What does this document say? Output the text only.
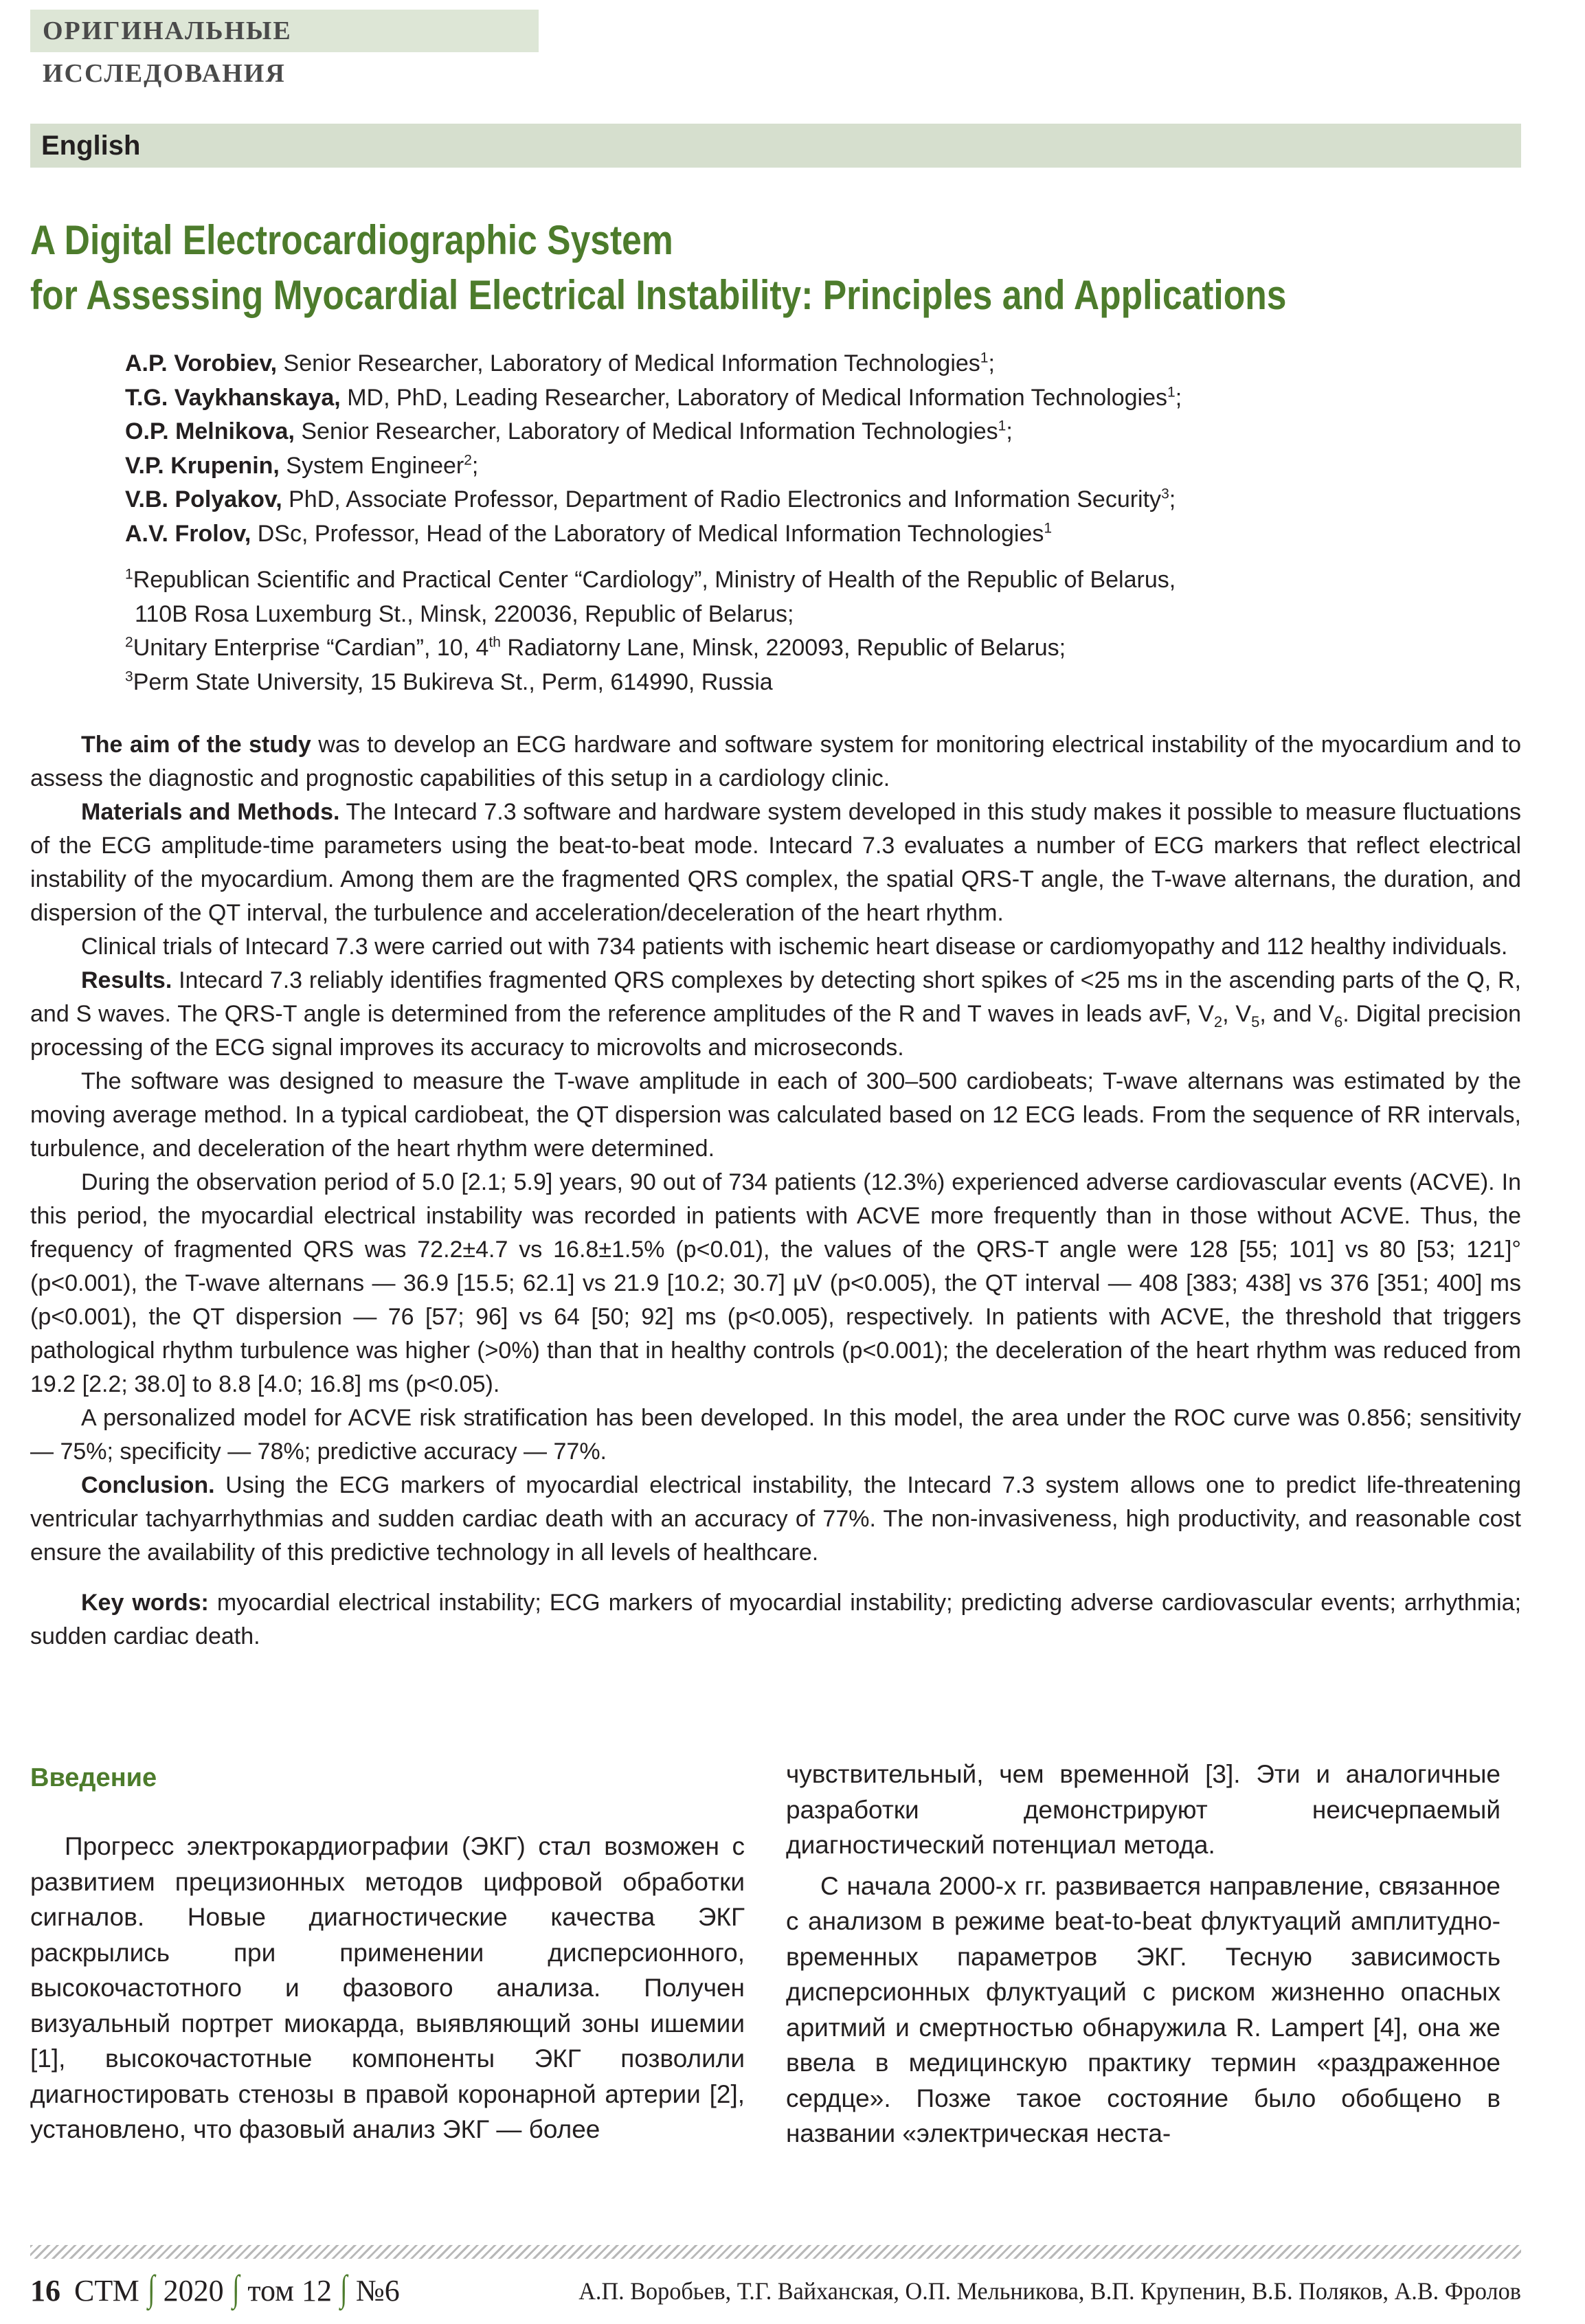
ОРИГИНАЛЬНЫЕ ИССЛЕДОВАНИЯ
English
A Digital Electrocardiographic System
for Assessing Myocardial Electrical Instability: Principles and Applications
A.P. Vorobiev, Senior Researcher, Laboratory of Medical Information Technologies$^1$;
T.G. Vaykhanskaya, MD, PhD, Leading Researcher, Laboratory of Medical Information Technologies$^1$;
O.P. Melnikova, Senior Researcher, Laboratory of Medical Information Technologies$^1$;
V.P. Krupenin, System Engineer$^2$;
V.B. Polyakov, PhD, Associate Professor, Department of Radio Electronics and Information Security$^3$;
A.V. Frolov, DSc, Professor, Head of the Laboratory of Medical Information Technologies$^1$
$^1$Republican Scientific and Practical Center “Cardiology”, Ministry of Health of the Republic of Belarus,
110B Rosa Luxemburg St., Minsk, 220036, Republic of Belarus;
$^2$Unitary Enterprise “Cardian”, 10, 4th Radiatorny Lane, Minsk, 220093, Republic of Belarus;
$^3$Perm State University, 15 Bukireva St., Perm, 614990, Russia

The aim of the study was to develop an ECG hardware and software system for monitoring electrical instability of the myocardium and to assess the diagnostic and prognostic capabilities of this setup in a cardiology clinic.

Materials and Methods. The Intecard 7.3 software and hardware system developed in this study makes it possible to measure fluctuations of the ECG amplitude-time parameters using the beat-to-beat mode. Intecard 7.3 evaluates a number of ECG markers that reflect electrical instability of the myocardium. Among them are the fragmented QRS complex, the spatial QRS-T angle, the T-wave alternans, the duration, and dispersion of the QT interval, the turbulence and acceleration/deceleration of the heart rhythm.

Clinical trials of Intecard 7.3 were carried out with 734 patients with ischemic heart disease or cardiomyopathy and 112 healthy individuals.

Results. Intecard 7.3 reliably identifies fragmented QRS complexes by detecting short spikes of <25 ms in the ascending parts of the Q, R, and S waves. The QRS-T angle is determined from the reference amplitudes of the R and T waves in leads avF, $V_2$, $V_5$, and $V_6$. Digital precision processing of the ECG signal improves its accuracy to microvolts and microseconds.

The software was designed to measure the T-wave amplitude in each of 300–500 cardiobeats; T-wave alternans was estimated by the moving average method. In a typical cardiobeat, the QT dispersion was calculated based on 12 ECG leads. From the sequence of RR intervals, turbulence, and deceleration of the heart rhythm were determined.

During the observation period of 5.0 [2.1; 5.9] years, 90 out of 734 patients (12.3%) experienced adverse cardiovascular events (ACVE). In this period, the myocardial electrical instability was recorded in patients with ACVE more frequently than in those without ACVE. Thus, the frequency of fragmented QRS was 72.2±4.7 vs 16.8±1.5% (p<0.01), the values of the QRS-T angle were 128 [55; 101] vs 80 [53; 121]° (p<0.001), the T-wave alternans — 36.9 [15.5; 62.1] vs 21.9 [10.2; 30.7] µV (p<0.005), the QT interval — 408 [383; 438] vs 376 [351; 400] ms (p<0.001), the QT dispersion — 76 [57; 96] vs 64 [50; 92] ms (p<0.005), respectively. In patients with ACVE, the threshold that triggers pathological rhythm turbulence was higher (>0%) than that in healthy controls (p<0.001); the deceleration of the heart rhythm was reduced from 19.2 [2.2; 38.0] to 8.8 [4.0; 16.8] ms (p<0.05).

A personalized model for ACVE risk stratification has been developed. In this model, the area under the ROC curve was 0.856; sensitivity — 75%; specificity — 78%; predictive accuracy — 77%.

Conclusion. Using the ECG markers of myocardial electrical instability, the Intecard 7.3 system allows one to predict life-threatening ventricular tachyarrhythmias and sudden cardiac death with an accuracy of 77%. The non-invasiveness, high productivity, and reasonable cost ensure the availability of this predictive technology in all levels of healthcare.

Key words: myocardial electrical instability; ECG markers of myocardial instability; predicting adverse cardiovascular events; arrhythmia; sudden cardiac death.

Введение

Прогресс электрокардиографии (ЭКГ) стал возможен с развитием прецизионных методов цифровой обработки сигналов. Новые диагностические качества ЭКГ раскрылись при применении дисперсионного, высокочастотного и фазового анализа. Получен визуальный портрет миокарда, выявляющий зоны ишемии [1], высокочастотные компоненты ЭКГ позволили диагностировать стенозы в правой коронарной артерии [2], установлено, что фазовый анализ ЭКГ — более

чувствительный, чем временной [3]. Эти и аналогичные разработки демонстрируют неисчерпаемый диагностический потенциал метода.

С начала 2000-х гг. развивается направление, связанное с анализом в режиме beat-to-beat флуктуаций амплитудно-временных параметров ЭКГ. Тесную зависимость дисперсионных флуктуаций с риском жизненно опасных аритмий и смертностью обнаружила R. Lampert [4], она же ввела в медицинскую практику термин «раздраженное сердце». Позже такое состояние было обобщено в названии «электрическая неста-

16 СТМ ∫ 2020 ∫ том 12 ∫ №6	А.П. Воробьев, Т.Г. Вайханская, О.П. Мельникова, В.П. Крупенин, В.Б. Поляков, А.В. Фролов
